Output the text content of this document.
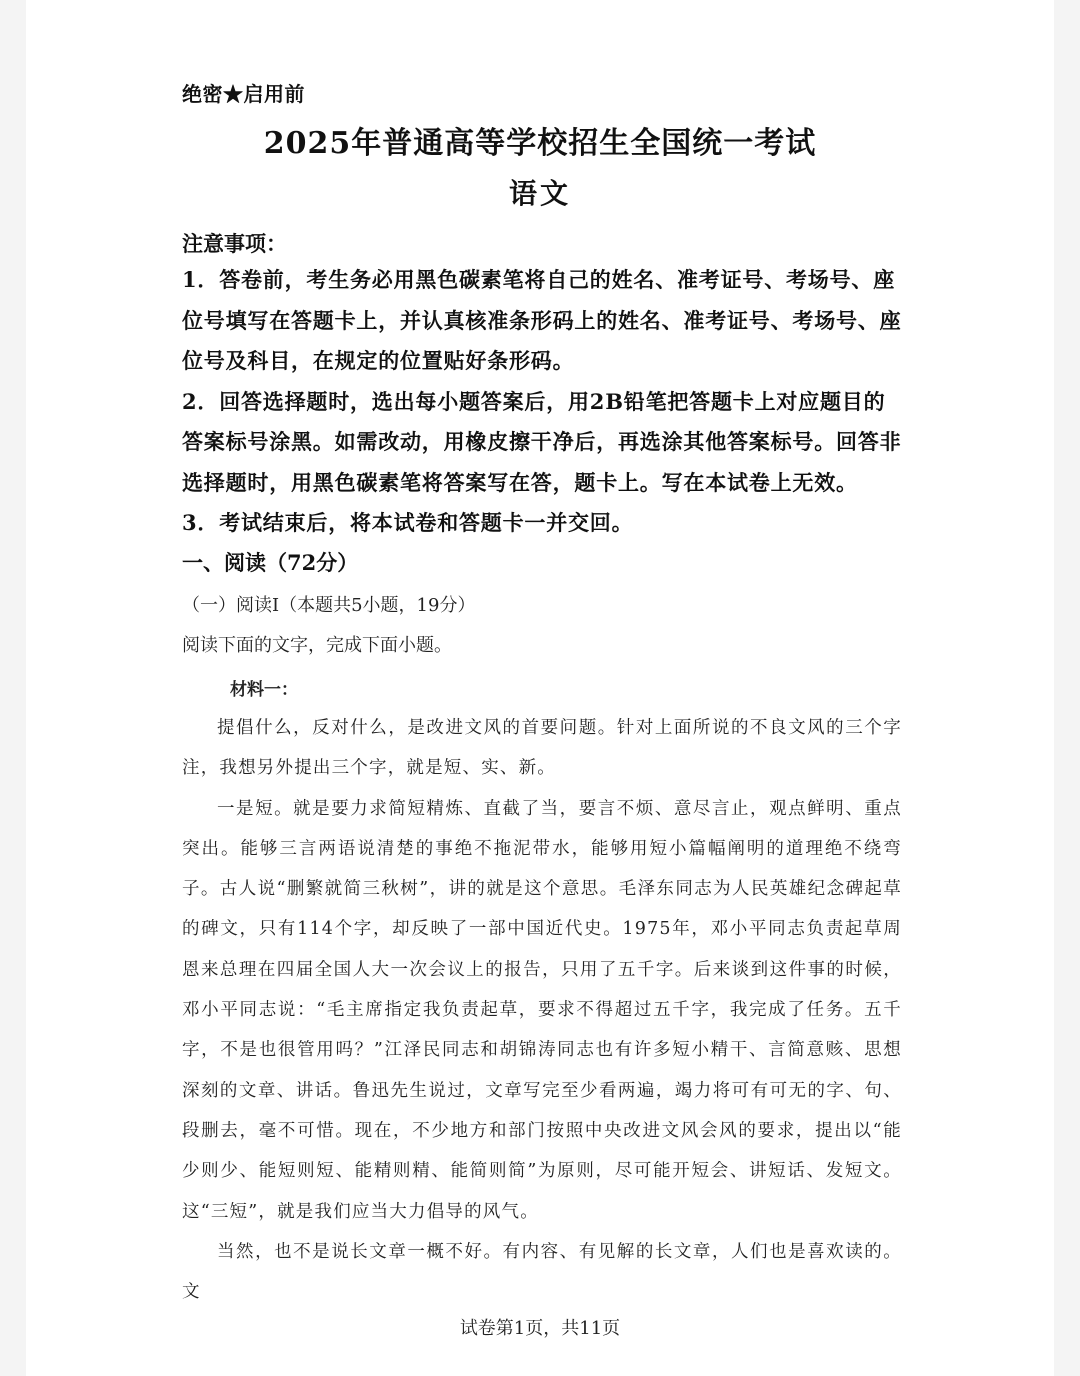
绝密★启用前
2025年普通高等学校招生全国统一考试
语文
注意事项：

1．答卷前，考生务必用黑色碳素笔将自己的姓名、准考证号、考场号、座位号填写在答题卡上，并认真核准条形码上的姓名、准考证号、考场号、座位号及科目，在规定的位置贴好条形码。

2．回答选择题时，选出每小题答案后，用2B铅笔把答题卡上对应题目的答案标号涂黑。如需改动，用橡皮擦干净后，再选涂其他答案标号。回答非选择题时，用黑色碳素笔将答案写在答，题卡上。写在本试卷上无效。

3．考试结束后，将本试卷和答题卡一并交回。

一、阅读（72分）
（一）阅读Ⅰ（本题共5小题，19分）
阅读下面的文字，完成下面小题。
材料一：

提倡什么，反对什么，是改进文风的首要问题。针对上面所说的不良文风的三个字注，我想另外提出三个字，就是短、实、新。

一是短。就是要力求简短精炼、直截了当，要言不烦、意尽言止，观点鲜明、重点突出。能够三言两语说清楚的事绝不拖泥带水，能够用短小篇幅阐明的道理绝不绕弯子。古人说“删繁就简三秋树”，讲的就是这个意思。毛泽东同志为人民英雄纪念碑起草的碑文，只有114个字，却反映了一部中国近代史。1975年，邓小平同志负责起草周恩来总理在四届全国人大一次会议上的报告，只用了五千字。后来谈到这件事的时候，邓小平同志说：“毛主席指定我负责起草，要求不得超过五千字，我完成了任务。五千字，不是也很管用吗？”江泽民同志和胡锦涛同志也有许多短小精干、言简意赅、思想深刻的文章、讲话。鲁迅先生说过，文章写完至少看两遍，竭力将可有可无的字、句、段删去，毫不可惜。现在，不少地方和部门按照中央改进文风会风的要求，提出以“能少则少、能短则短、能精则精、能简则简”为原则，尽可能开短会、讲短话、发短文。这“三短”，就是我们应当大力倡导的风气。

当然，也不是说长文章一概不好。有内容、有见解的长文章，人们也是喜欢读的。文

试卷第1页，共11页
